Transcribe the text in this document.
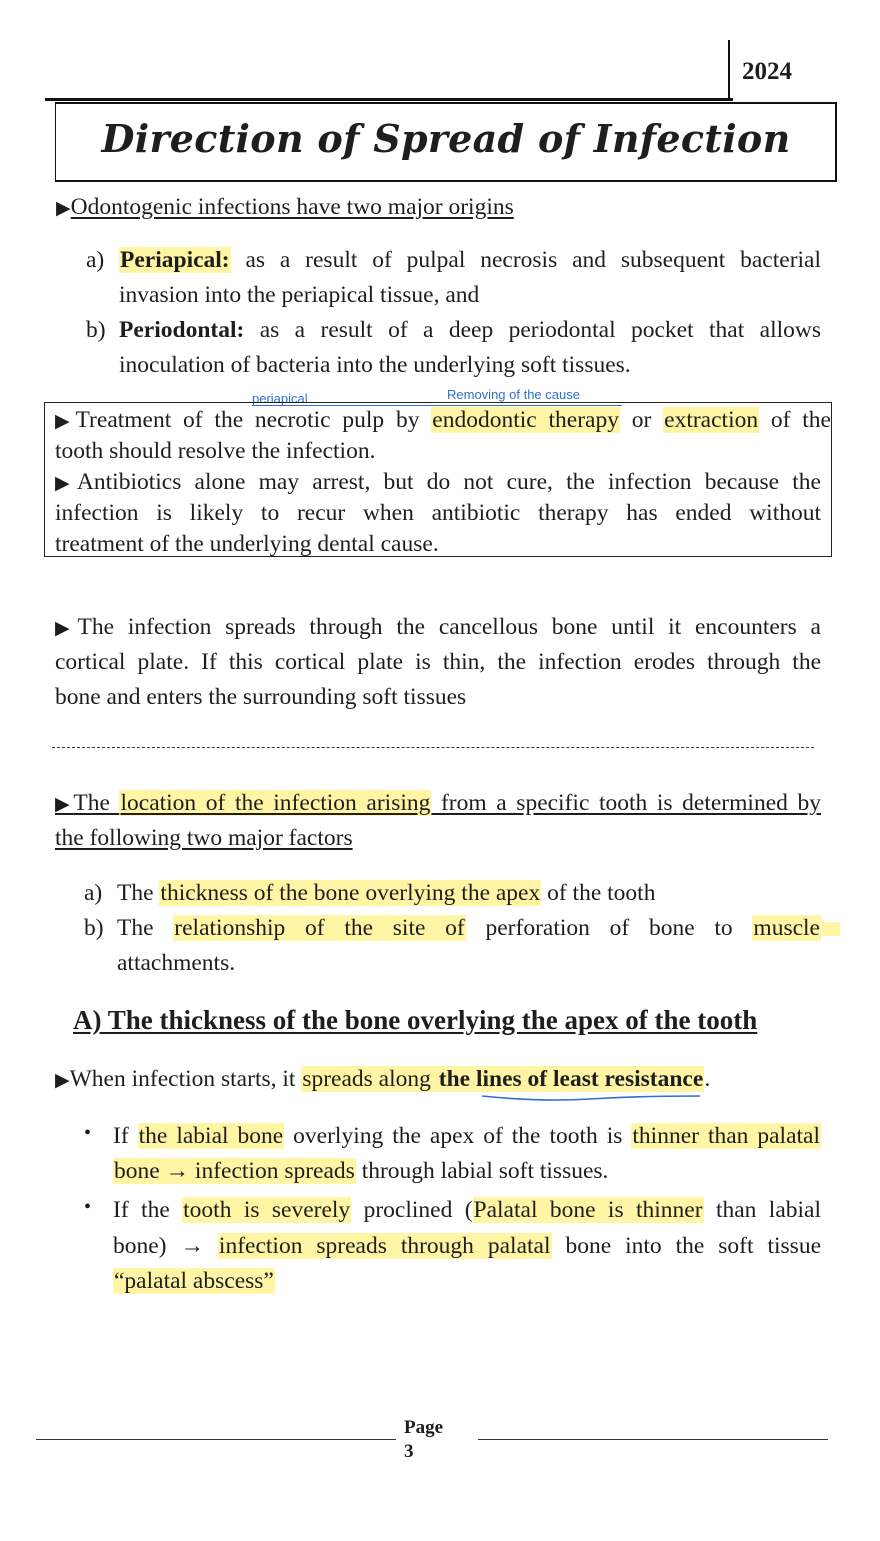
2024
Direction of Spread of Infection
▶Odontogenic infections have two major origins
a) Periapical: as a result of pulpal necrosis and subsequent bacterial
invasion into the periapical tissue, and
b) Periodontal: as a result of a deep periodontal pocket that allows
inoculation of bacteria into the underlying soft tissues.
periapical	Removing of the cause
▶Treatment of the necrotic pulp by endodontic therapy or extraction of the
tooth should resolve the infection.
▶Antibiotics alone may arrest, but do not cure, the infection because the
infection is likely to recur when antibiotic therapy has ended without
treatment of the underlying dental cause.
▶The infection spreads through the cancellous bone until it encounters a
cortical plate. If this cortical plate is thin, the infection erodes through the
bone and enters the surrounding soft tissues
▶The location of the infection arising from a specific tooth is determined by
the following two major factors
a) The thickness of the bone overlying the apex of the tooth
b) The relationship of the site of perforation of bone to muscle
attachments.
A) The thickness of the bone overlying the apex of the tooth
▶When infection starts, it spreads along the lines of least resistance.
• If the labial bone overlying the apex of the tooth is thinner than palatal
bone → infection spreads through labial soft tissues.
• If the tooth is severely proclined (Palatal bone is thinner than labial
bone) → infection spreads through palatal bone into the soft tissue
“palatal abscess”
Page
3
